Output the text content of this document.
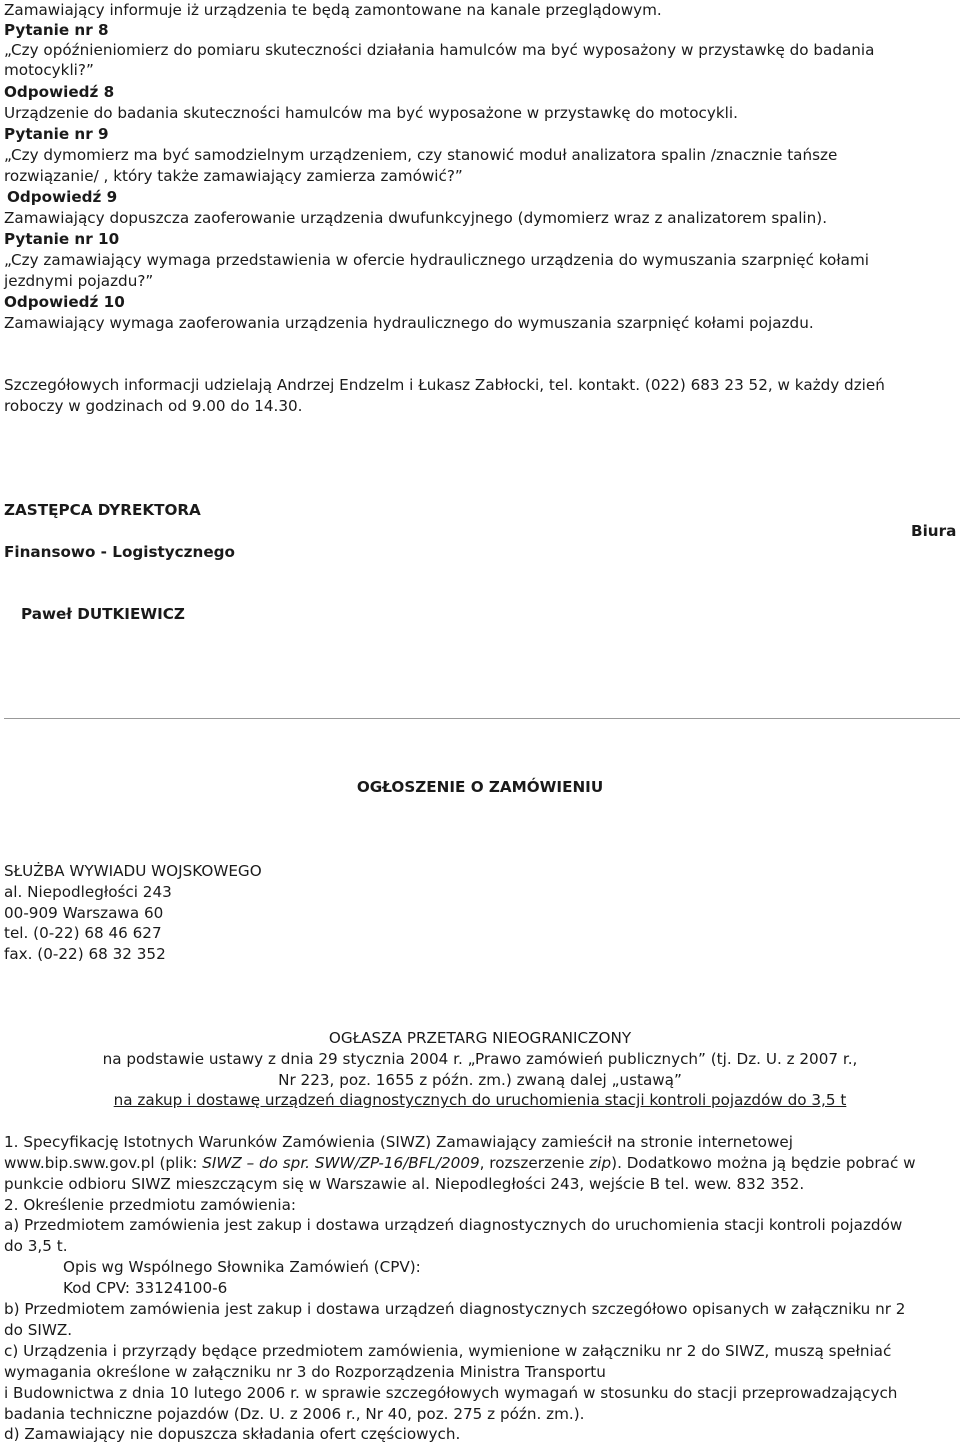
Zamawiający informuje iż urządzenia te będą zamontowane na kanale przeglądowym.
Pytanie nr 8
„Czy opóźnieniomierz do pomiaru skuteczności działania hamulców ma być wyposażony w przystawkę do badania
motocykli?”
Odpowiedź 8
Urządzenie do badania skuteczności hamulców ma być wyposażone w przystawkę do motocykli.
Pytanie nr 9
„Czy dymomierz ma być samodzielnym urządzeniem, czy stanowić moduł analizatora spalin /znacznie tańsze
rozwiązanie/ , który także zamawiający zamierza zamówić?”
Odpowiedź 9
Zamawiający dopuszcza zaoferowanie urządzenia dwufunkcyjnego (dymomierz wraz z analizatorem spalin).
Pytanie nr 10
„Czy zamawiający wymaga przedstawienia w ofercie hydraulicznego urządzenia do wymuszania szarpnięć kołami
jezdnymi pojazdu?”
Odpowiedź 10
Zamawiający wymaga zaoferowania urządzenia hydraulicznego do wymuszania szarpnięć kołami pojazdu.
Szczegółowych informacji udzielają Andrzej Endzelm i Łukasz Zabłocki, tel. kontakt. (022) 683 23 52, w każdy dzień
roboczy w godzinach od 9.00 do 14.30.
ZASTĘPCA DYREKTORA
Biura
Finansowo - Logistycznego
Paweł DUTKIEWICZ
OGŁOSZENIE O ZAMÓWIENIU
SŁUŻBA WYWIADU WOJSKOWEGO
al. Niepodległości 243
00-909 Warszawa 60
tel. (0-22) 68 46 627
fax. (0-22) 68 32 352
OGŁASZA PRZETARG NIEOGRANICZONY
na podstawie ustawy z dnia 29 stycznia 2004 r. „Prawo zamówień publicznych” (tj. Dz. U. z 2007 r.,
Nr 223, poz. 1655 z późn. zm.) zwaną dalej „ustawą”
na zakup i dostawę urządzeń diagnostycznych do uruchomienia stacji kontroli pojazdów do 3,5 t
1. Specyfikację Istotnych Warunków Zamówienia (SIWZ) Zamawiający zamieścił na stronie internetowej
www.bip.sww.gov.pl (plik: SIWZ – do spr. SWW/ZP-16/BFL/2009, rozszerzenie zip). Dodatkowo można ją będzie pobrać w
punkcie odbioru SIWZ mieszczącym się w Warszawie al. Niepodległości 243, wejście B tel. wew. 832 352.
2. Określenie przedmiotu zamówienia:
a) Przedmiotem zamówienia jest zakup i dostawa urządzeń diagnostycznych do uruchomienia stacji kontroli pojazdów
do 3,5 t.
Opis wg Wspólnego Słownika Zamówień (CPV):
Kod CPV: 33124100-6
b) Przedmiotem zamówienia jest zakup i dostawa urządzeń diagnostycznych szczegółowo opisanych w załączniku nr 2
do SIWZ.
c) Urządzenia i przyrządy będące przedmiotem zamówienia, wymienione w załączniku nr 2 do SIWZ, muszą spełniać
wymagania określone w załączniku nr 3 do Rozporządzenia Ministra Transportu
i Budownictwa z dnia 10 lutego 2006 r. w sprawie szczegółowych wymagań w stosunku do stacji przeprowadzających
badania techniczne pojazdów (Dz. U. z 2006 r., Nr 40, poz. 275 z późn. zm.).
d) Zamawiający nie dopuszcza składania ofert częściowych.
